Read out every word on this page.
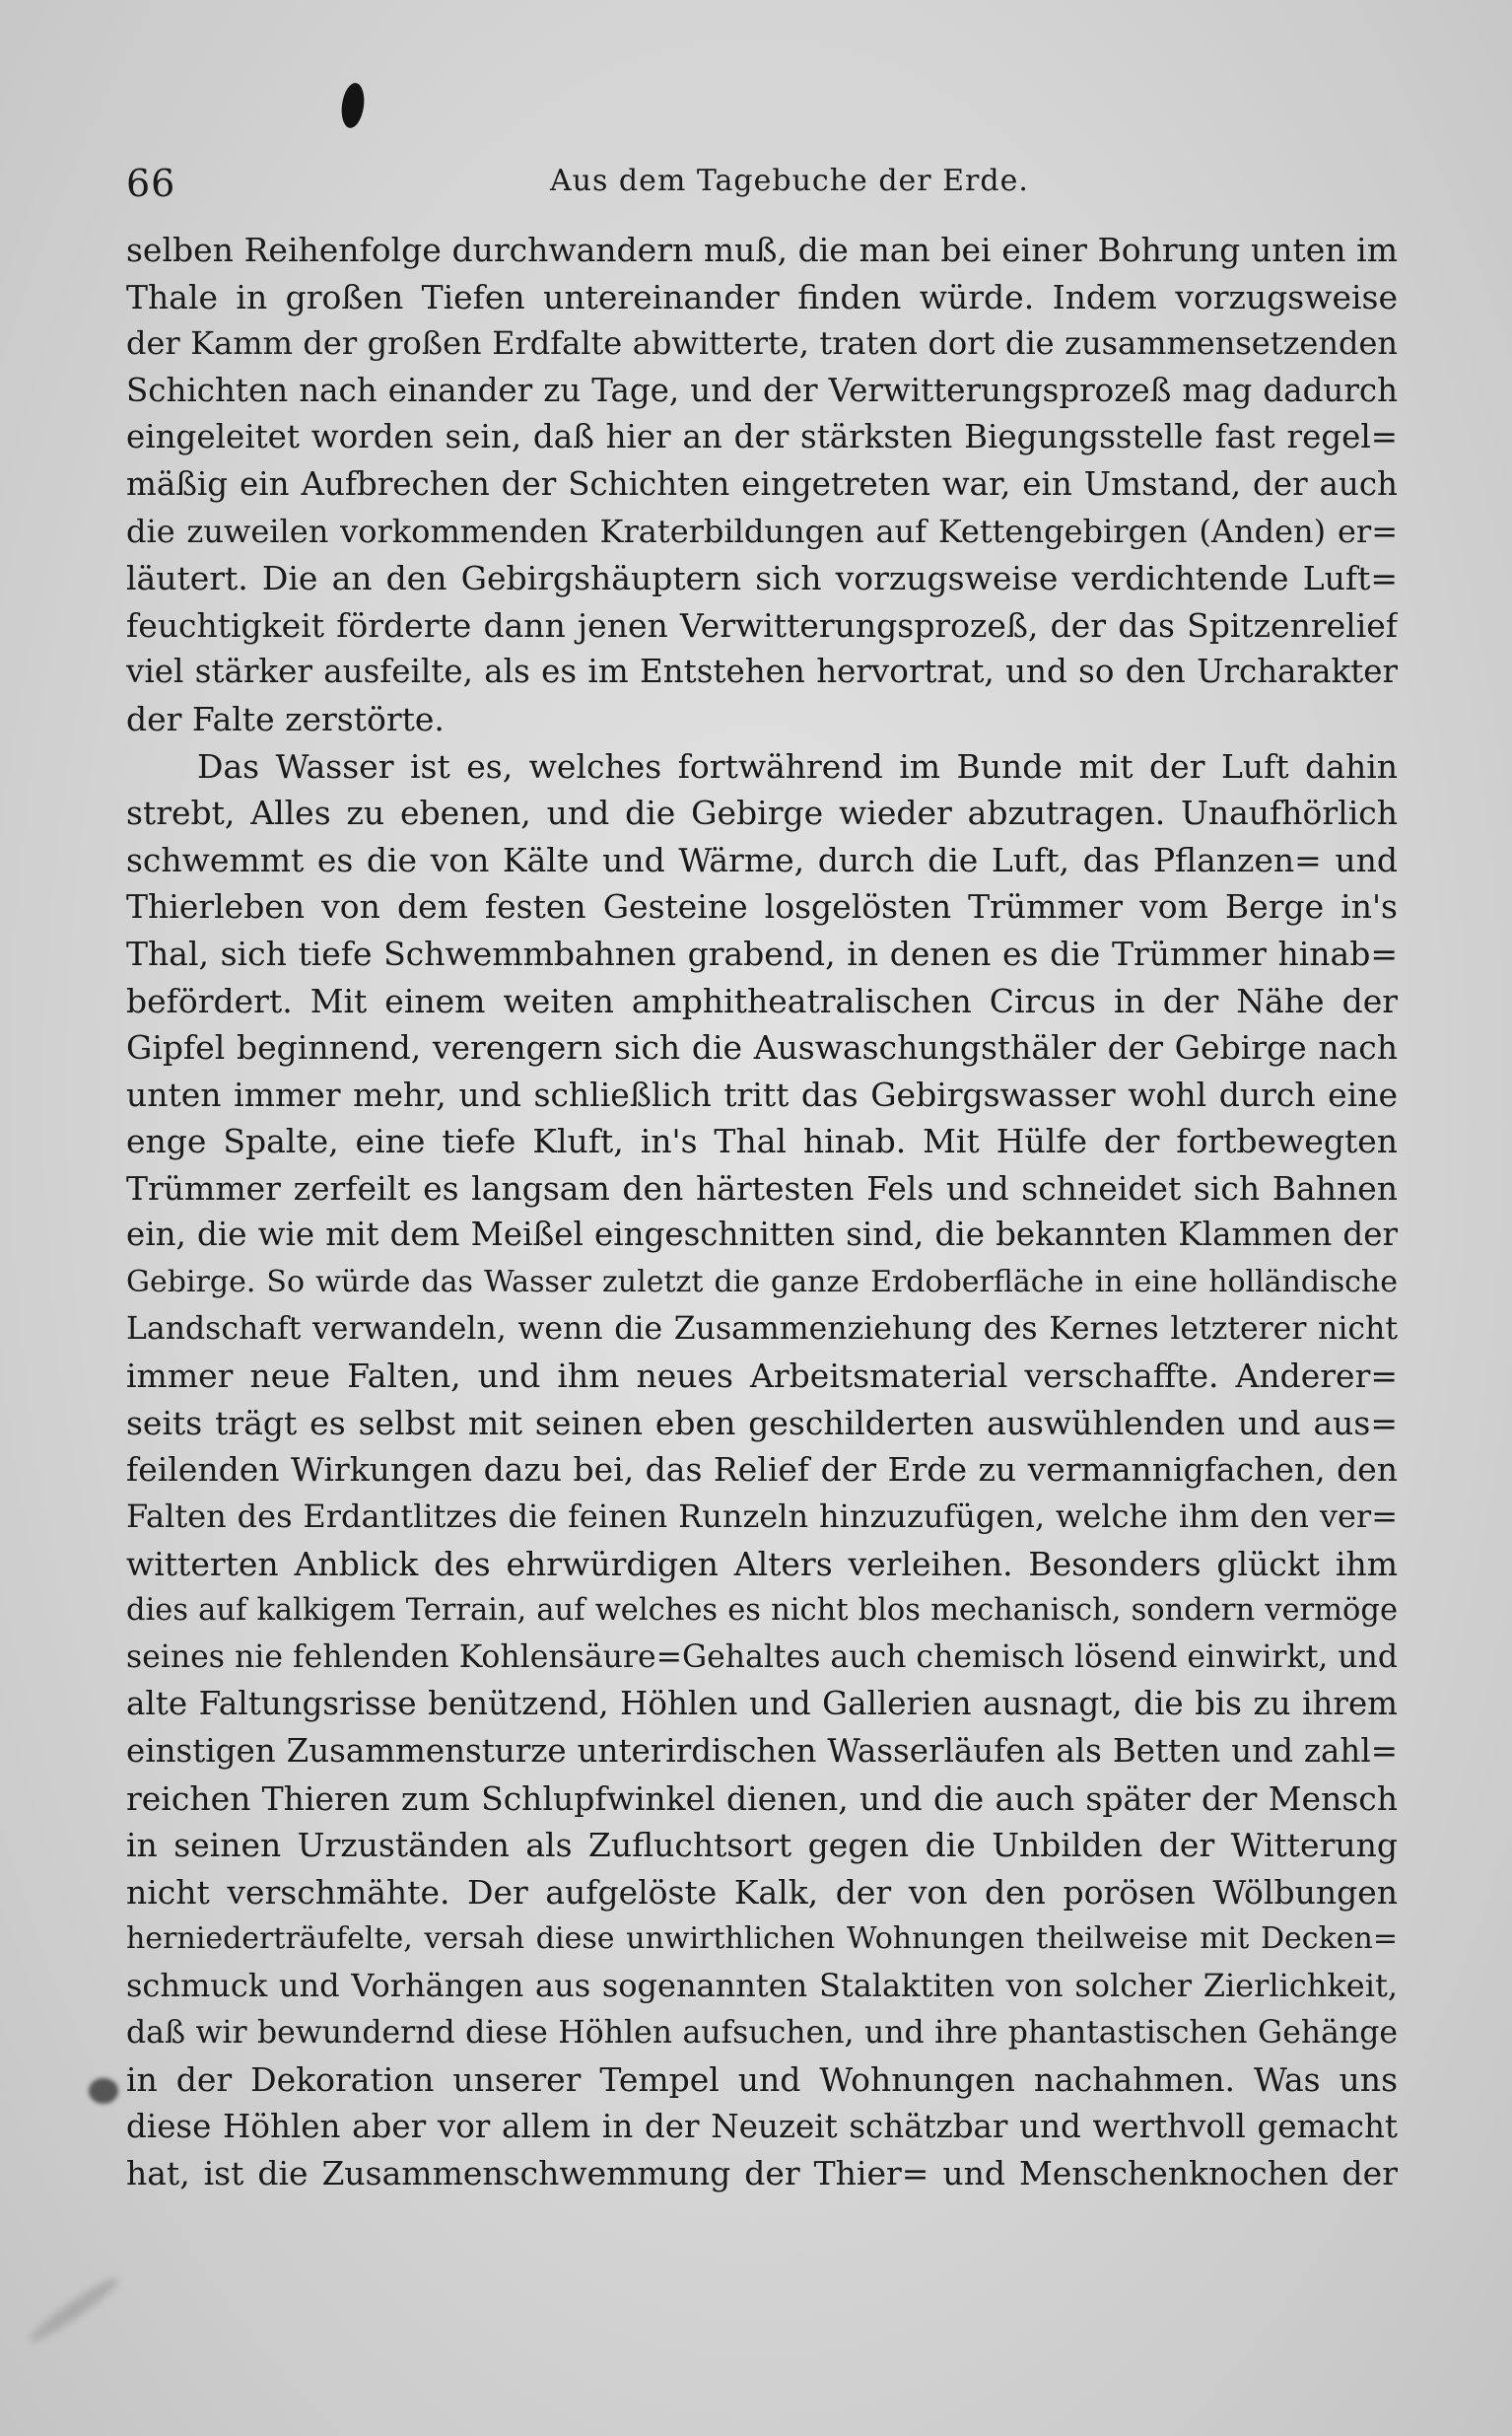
66	Aus dem Tagebuche der Erde.
selben Reihenfolge durchwandern muß, die man bei einer Bohrung unten im
Thale in großen Tiefen untereinander finden würde. Indem vorzugsweise
der Kamm der großen Erdfalte abwitterte, traten dort die zusammensetzenden
Schichten nach einander zu Tage, und der Verwitterungsprozeß mag dadurch
eingeleitet worden sein, daß hier an der stärksten Biegungsstelle fast regel=
mäßig ein Aufbrechen der Schichten eingetreten war, ein Umstand, der auch
die zuweilen vorkommenden Kraterbildungen auf Kettengebirgen (Anden) er=
läutert. Die an den Gebirgshäuptern sich vorzugsweise verdichtende Luft=
feuchtigkeit förderte dann jenen Verwitterungsprozeß, der das Spitzenrelief
viel stärker ausfeilte, als es im Entstehen hervortrat, und so den Urcharakter
der Falte zerstörte.
Das Wasser ist es, welches fortwährend im Bunde mit der Luft dahin
strebt, Alles zu ebenen, und die Gebirge wieder abzutragen. Unaufhörlich
schwemmt es die von Kälte und Wärme, durch die Luft, das Pflanzen= und
Thierleben von dem festen Gesteine losgelösten Trümmer vom Berge in's
Thal, sich tiefe Schwemmbahnen grabend, in denen es die Trümmer hinab=
befördert. Mit einem weiten amphitheatralischen Circus in der Nähe der
Gipfel beginnend, verengern sich die Auswaschungsthäler der Gebirge nach
unten immer mehr, und schließlich tritt das Gebirgswasser wohl durch eine
enge Spalte, eine tiefe Kluft, in's Thal hinab. Mit Hülfe der fortbewegten
Trümmer zerfeilt es langsam den härtesten Fels und schneidet sich Bahnen
ein, die wie mit dem Meißel eingeschnitten sind, die bekannten Klammen der
Gebirge. So würde das Wasser zuletzt die ganze Erdoberfläche in eine holländische
Landschaft verwandeln, wenn die Zusammenziehung des Kernes letzterer nicht
immer neue Falten, und ihm neues Arbeitsmaterial verschaffte. Anderer=
seits trägt es selbst mit seinen eben geschilderten auswühlenden und aus=
feilenden Wirkungen dazu bei, das Relief der Erde zu vermannigfachen, den
Falten des Erdantlitzes die feinen Runzeln hinzuzufügen, welche ihm den ver=
witterten Anblick des ehrwürdigen Alters verleihen. Besonders glückt ihm
dies auf kalkigem Terrain, auf welches es nicht blos mechanisch, sondern vermöge
seines nie fehlenden Kohlensäure=Gehaltes auch chemisch lösend einwirkt, und
alte Faltungsrisse benützend, Höhlen und Gallerien ausnagt, die bis zu ihrem
einstigen Zusammensturze unterirdischen Wasserläufen als Betten und zahl=
reichen Thieren zum Schlupfwinkel dienen, und die auch später der Mensch
in seinen Urzuständen als Zufluchtsort gegen die Unbilden der Witterung
nicht verschmähte. Der aufgelöste Kalk, der von den porösen Wölbungen
herniederträufelte, versah diese unwirthlichen Wohnungen theilweise mit Decken=
schmuck und Vorhängen aus sogenannten Stalaktiten von solcher Zierlichkeit,
daß wir bewundernd diese Höhlen aufsuchen, und ihre phantastischen Gehänge
in der Dekoration unserer Tempel und Wohnungen nachahmen. Was uns
diese Höhlen aber vor allem in der Neuzeit schätzbar und werthvoll gemacht
hat, ist die Zusammenschwemmung der Thier= und Menschenknochen der
